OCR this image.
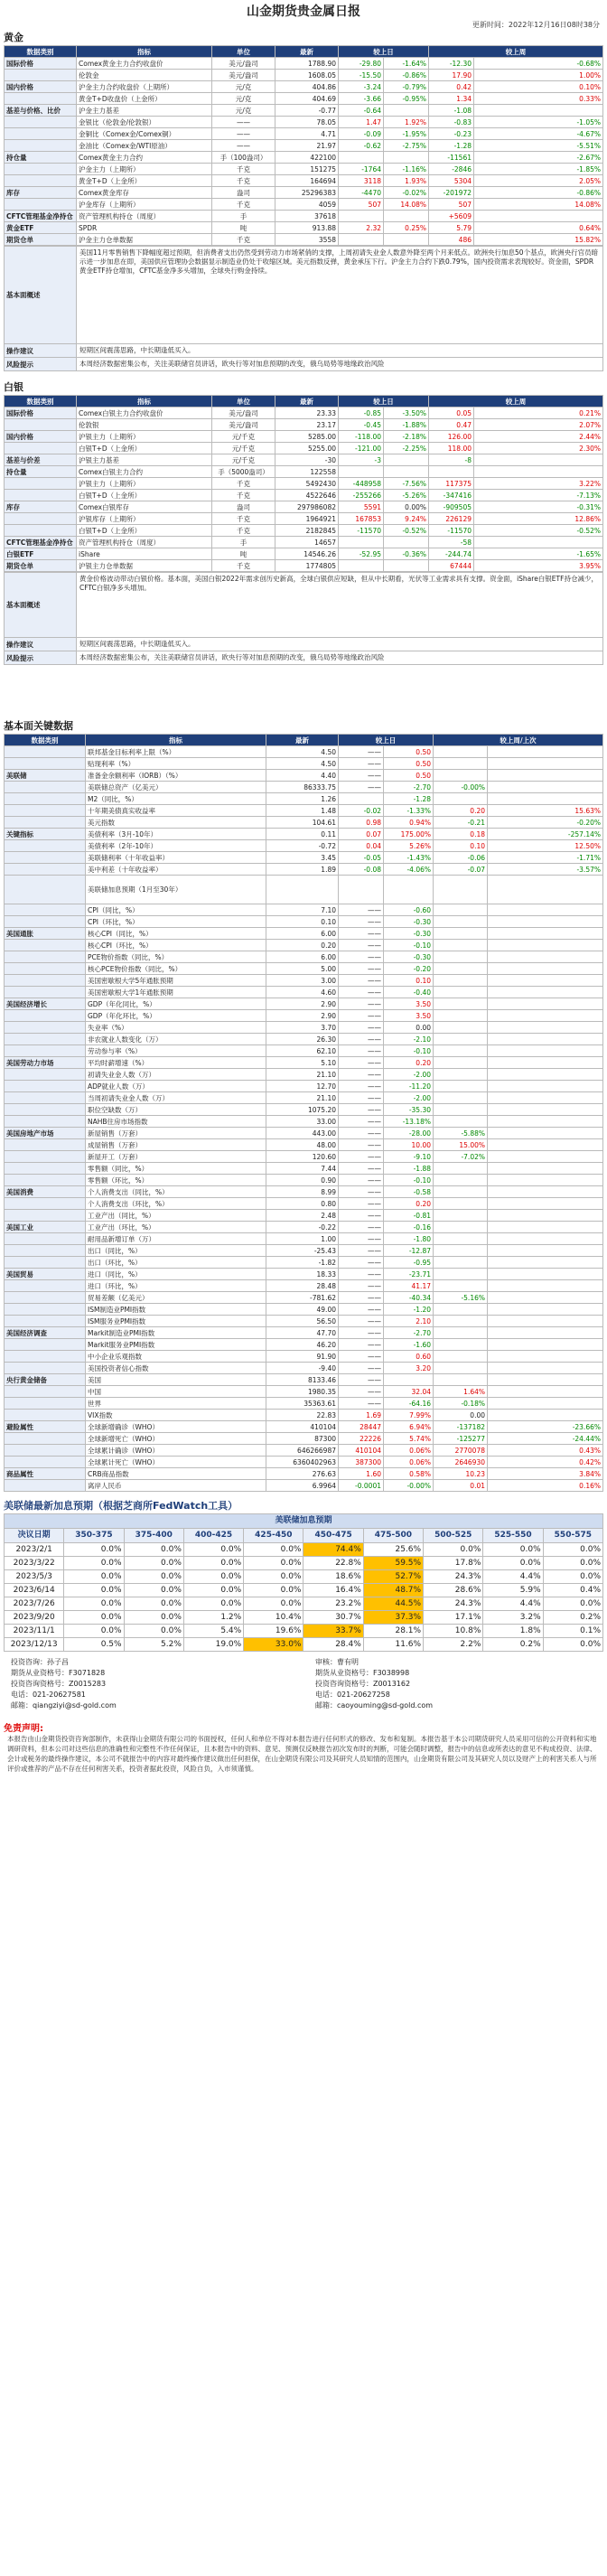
山金期货贵金属日报
更新时间：2022年12月16日08时38分
黄金
数据类别	指标	单位	最新	较上日		较上周	
国际价格	Comex黄金主力合约收盘价	美元/盎司	1788.90	-29.80	-1.64%	-12.30	-0.68%
	伦敦金	美元/盎司	1608.05	-15.50	-0.86%	17.90	1.00%
国内价格	沪金主力合约收盘价（上期所）	元/克	404.86	-3.24	-0.79%	0.42	0.10%
	黄金T+D收盘价（上金所）	元/克	404.69	-3.66	-0.95%	1.34	0.33%
基差与价格、比价	沪金主力基差	元/克	-0.77	-0.64		-1.08	
	金银比（伦敦金/伦敦银）	——	78.05	1.47	1.92%	-0.83	-1.05%
	金铜比（Comex金/Comex铜）	——	4.71	-0.09	-1.95%	-0.23	-4.67%
	金油比（Comex金/WTI原油）	——	21.97	-0.62	-2.75%	-1.28	-5.51%
持仓量	Comex黄金主力合约	手（100盎司）	422100			-11561	-2.67%
	沪金主力（上期所）	千克	151275	-1764	-1.16%	-2846	-1.85%
	黄金T+D（上金所）	千克	164694	3118	1.93%	5304	2.05%
库存	Comex黄金库存	盎司	25296383	-4470	-0.02%	-201972	-0.86%
	沪金库存（上期所）	千克	4059	507	14.08%	507	14.08%
CFTC管理基金净持仓	资产管理机构持仓（周度）	手	37618			+5609	
黄金ETF	SPDR	吨	913.88	2.32	0.25%	5.79	0.64%
期货仓单	沪金主力仓单数据	千克	3558			486	15.82%
基本面概述	美国11月零售销售下降幅度超过预期，但消费者支出仍然受到劳动力市场紧俏的支撑，上周初请失业金人数意外降至两个月来低点。欧洲央行加息50个基点，欧洲央行官员暗示进一步加息在即，美国供应管理协会数据显示制造业仍处于收缩区域。美元指数反弹，黄金承压下行。沪金主力合约下跌0.79%，国内投资需求表现较好。资金面，SPDR黄金ETF持仓增加，CFTC基金净多头增加，全球央行购金持续。
操作建议	短期区间震荡思路，中长期逢低买入。
风险提示	本周经济数据密集公布，关注美联储官员讲话，欧央行等对加息预期的改变，俄乌局势等地缘政治风险
白银
数据类别	指标	单位	最新	较上日		较上周	
国际价格	Comex白银主力合约收盘价	美元/盎司	23.33	-0.85	-3.50%	0.05	0.21%
	伦敦银	美元/盎司	23.17	-0.45	-1.88%	0.47	2.07%
国内价格	沪银主力（上期所）	元/千克	5285.00	-118.00	-2.18%	126.00	2.44%
	白银T+D（上金所）	元/千克	5255.00	-121.00	-2.25%	118.00	2.30%
基差与价差	沪银主力基差	元/千克	-30	-3		-8	
持仓量	Comex白银主力合约	手（5000盎司）	122558				
	沪银主力（上期所）	千克	5492430	-448958	-7.56%	117375	3.22%
	白银T+D（上金所）	千克	4522646	-255266	-5.26%	-347416	-7.13%
库存	Comex白银库存	盎司	297986082	5591	0.00%	-909505	-0.31%
	沪银库存（上期所）	千克	1964921	167853	9.24%	226129	12.86%
	白银T+D（上金所）	千克	2182845	-11570	-0.52%	-11570	-0.52%
CFTC管理基金净持仓	资产管理机构持仓（周度）	手	14657			-58	
白银ETF	iShare	吨	14546.26	-52.95	-0.36%	-244.74	-1.65%
期货仓单	沪银主力仓单数据	千克	1774805			67444	3.95%
基本面概述	黄金价格波动带动白银价格。基本面，美国白银2022年需求创历史新高，全球白银供应短缺，但从中长期看，光伏等工业需求具有支撑。资金面，iShare白银ETF持仓减少，CFTC白银净多头增加。
操作建议	短期区间震荡思路，中长期逢低买入。
风险提示	本周经济数据密集公布，关注美联储官员讲话，欧央行等对加息预期的改变，俄乌局势等地缘政治风险
基本面关键数据
数据类别	指标	最新	较上日		较上周/上次	
	联邦基金目标利率上限（%）	4.50	——	0.50		
	贴现利率（%）	4.50	——	0.50		
美联储	准备金余额利率（IORB）（%）	4.40	——	0.50		
	美联储总资产（亿美元）	86333.75	——	-2.70	-0.00%	
	M2（同比，%）	1.26		-1.28		
	十年期美债真实收益率	1.48	-0.02	-1.33%	0.20	15.63%
	美元指数	104.61	0.98	0.94%	-0.21	-0.20%
关键指标	美债利率（3月-10年）	0.11	0.07	175.00%	0.18	-257.14%
	美债利率（2年-10年）	-0.72	0.04	5.26%	0.10	12.50%
	美联储利率（十年收益率）	3.45	-0.05	-1.43%	-0.06	-1.71%
	美中利差（十年收益率）	1.89	-0.08	-4.06%	-0.07	-3.57%
	美联储加息预期（1月至30年）					
	CPI（同比，%）	7.10	——	-0.60		
	CPI（环比，%）	0.10	——	-0.30		
美国通胀	核心CPI（同比，%）	6.00	——	-0.30		
	核心CPI（环比，%）	0.20	——	-0.10		
	PCE物价指数（同比，%）	6.00	——	-0.30		
	核心PCE物价指数（同比，%）	5.00	——	-0.20		
	美国密歇根大学5年通胀预期	3.00	——	0.10		
	美国密歇根大学1年通胀预期	4.60	——	-0.40		
美国经济增长	GDP（年化同比，%）	2.90	——	3.50		
	GDP（年化环比，%）	2.90	——	3.50		
	失业率（%）	3.70	——	0.00		
	非农就业人数变化（万）	26.30	——	-2.10		
	劳动参与率（%）	62.10	——	-0.10		
美国劳动力市场	平均时薪增速（%）	5.10	——	0.20		
	初请失业金人数（万）	21.10	——	-2.00		
	ADP就业人数（万）	12.70	——	-11.20		
	当周初请失业金人数（万）	21.10	——	-2.00		
	职位空缺数（万）	1075.20	——	-35.30		
	NAHB住房市场指数	33.00	——	-13.18%		
美国房地产市场	新屋销售（万套）	443.00	——	-28.00	-5.88%	
	成屋销售（万套）	48.00	——	10.00	15.00%	
	新屋开工（万套）	120.60	——	-9.10	-7.02%	
	零售额（同比，%）	7.44	——	-1.88		
	零售额（环比，%）	0.90	——	-0.10		
美国消费	个人消费支出（同比，%）	8.99	——	-0.58		
	个人消费支出（环比，%）	0.80	——	0.20		
	工业产出（同比，%）	2.48	——	-0.81		
美国工业	工业产出（环比，%）	-0.22	——	-0.16		
	耐用品新增订单（万）	1.00	——	-1.80		
	出口（同比，%）	-25.43	——	-12.87		
	出口（环比，%）	-1.82	——	-0.95		
美国贸易	进口（同比，%）	18.33	——	-23.71		
	进口（环比，%）	28.48	——	41.17		
	贸易差额（亿美元）	-781.62	——	-40.34	-5.16%	
	ISM制造业PMI指数	49.00	——	-1.20		
	ISM服务业PMI指数	56.50	——	2.10		
美国经济调查	Markit制造业PMI指数	47.70	——	-2.70		
	Markit服务业PMI指数	46.20	——	-1.60		
	中小企业乐观指数	91.90	——	0.60		
	美国投资者信心指数	-9.40	——	3.20		
央行黄金储备	美国	8133.46	——			
	中国	1980.35	——	32.04	1.64%	
	世界	35363.61	——	-64.16	-0.18%	
	VIX指数	22.83	1.69	7.99%	0.00	
避险属性	全球新增确诊（WHO）	410104	28447	6.94%	-137182	-23.66%
	全球新增死亡（WHO）	87300	22226	5.74%	-125277	-24.44%
	全球累计确诊（WHO）	646266987	410104	0.06%	2770078	0.43%
	全球累计死亡（WHO）	6360402963	387300	0.06%	2646930	0.42%
商品属性	CRB商品指数	276.63	1.60	0.58%	10.23	3.84%
	离岸人民币	6.9964	-0.0001	-0.00%	0.01	0.16%
美联储最新加息预期（根据芝商所FedWatch工具）
美联储加息预期									
决议日期	350-375	375-400	400-425	425-450	450-475	475-500	500-525	525-550	550-575
2023/2/1	0.0%	0.0%	0.0%	0.0%	74.4%	25.6%	0.0%	0.0%	0.0%
2023/3/22	0.0%	0.0%	0.0%	0.0%	22.8%	59.5%	17.8%	0.0%	0.0%
2023/5/3	0.0%	0.0%	0.0%	0.0%	18.6%	52.7%	24.3%	4.4%	0.0%
2023/6/14	0.0%	0.0%	0.0%	0.0%	16.4%	48.7%	28.6%	5.9%	0.4%
2023/7/26	0.0%	0.0%	0.0%	0.0%	23.2%	44.5%	24.3%	4.4%	0.0%
2023/9/20	0.0%	0.0%	1.2%	10.4%	30.7%	37.3%	17.1%	3.2%	0.2%
2023/11/1	0.0%	0.0%	5.4%	19.6%	33.7%	28.1%	10.8%	1.8%	0.1%
2023/12/13	0.5%	5.2%	19.0%	33.0%	28.4%	11.6%	2.2%	0.2%	0.0%
投资咨询：孙子昌
期货从业资格号：F3071828
投资咨询资格号：Z0015283
电话：021-20627581
邮箱：qiangziyi@sd-gold.com
审核：曹有明
期货从业资格号：F3038998
投资咨询资格号：Z0013162
电话：021-20627258
邮箱：caoyouming@sd-gold.com
免责声明:
本报告由山金期货投资咨询部制作，未获得山金期货有限公司的书面授权，任何人和单位不得对本报告进行任何形式的修改、发布和复制。本报告基于本公司期货研究人员采用可信的公开资料和实地调研资料，但本公司对这些信息的准确性和完整性不作任何保证，且本报告中的资料、意见、预测仅反映报告初次发布时的判断，可能会随时调整，报告中的信息或所表达的意见不构成投资、法律、会计或税务的最终操作建议，本公司不就报告中的内容对最终操作建议做出任何担保，在山金期货有限公司及其研究人员知情的范围内，山金期货有限公司及其研究人员以及财产上的利害关系人与所评价或推荐的产品不存在任何利害关系，投资者据此投资，风险自负，入市须谨慎。
